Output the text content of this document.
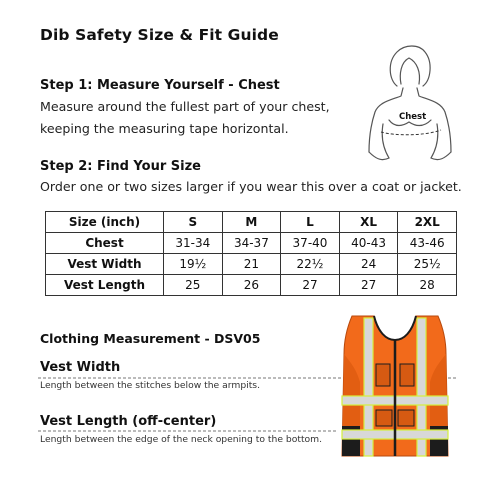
Dib Safety Size & Fit Guide
Step 1: Measure Yourself - Chest
Measure around the fullest part of your chest,
keeping the measuring tape horizontal.
Chest
Step 2: Find Your Size
Order one or two sizes larger if you wear this over a coat or jacket.
Size (inch)	S	M	L	XL	2XL
Chest	31-34	34-37	37-40	40-43	43-46
Vest Width	19½	21	22½	24	25½
Vest Length	25	26	27	27	28
Clothing Measurement - DSV05
Vest Width
Length between the stitches below the armpits.
Vest Length (off-center)
Length between the edge of the neck opening to the bottom.
